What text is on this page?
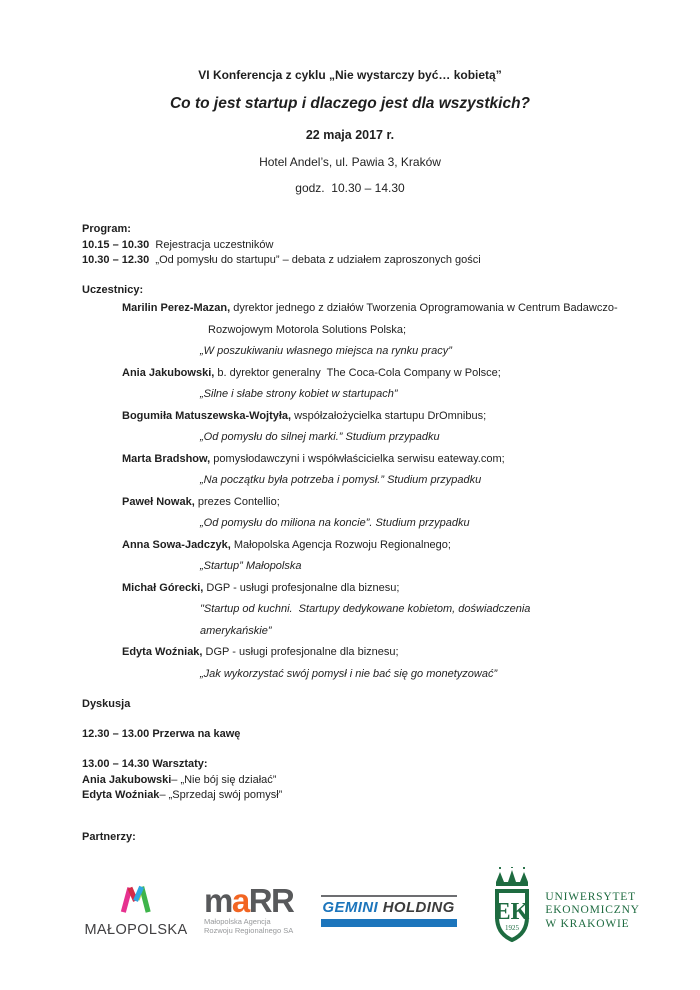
VI Konferencja z cyklu „Nie wystarczy być… kobietą”
Co to jest startup i dlaczego jest dla wszystkich?
22 maja 2017 r.
Hotel Andel’s, ul. Pawia 3, Kraków
godz.  10.30 – 14.30
Program:
10.15 – 10.30  Rejestracja uczestników
10.30 – 12.30  „Od pomysłu do startupu” – debata z udziałem zaproszonych gości
Uczestnicy:
Marilin Perez-Mazan, dyrektor jednego z działów Tworzenia Oprogramowania w Centrum Badawczo-
Rozwojowym Motorola Solutions Polska;
„W poszukiwaniu własnego miejsca na rynku pracy”
Ania Jakubowski, b. dyrektor generalny  The Coca-Cola Company w Polsce;
„Silne i słabe strony kobiet w startupach”
Bogumiła Matuszewska-Wojtyła, współzałożycielka startupu DrOmnibus;
„Od pomysłu do silnej marki.” Studium przypadku
Marta Bradshow, pomysłodawczyni i współwłaścicielka serwisu eateway.com;
„Na początku była potrzeba i pomysł.” Studium przypadku
Paweł Nowak, prezes Contellio;
„Od pomysłu do miliona na koncie”. Studium przypadku
Anna Sowa-Jadczyk, Małopolska Agencja Rozwoju Regionalnego;
„Startup” Małopolska
Michał Górecki, DGP - usługi profesjonalne dla biznesu;
"Startup od kuchni.  Startupy dedykowane kobietom, doświadczenia
amerykańskie”
Edyta Woźniak, DGP - usługi profesjonalne dla biznesu;
„Jak wykorzystać swój pomysł i nie bać się go monetyzować”
Dyskusja
12.30 – 13.00 Przerwa na kawę
13.00 – 14.30 Warsztaty:
Ania Jakubowski– „Nie bój się działać”
Edyta Woźniak– „Sprzedaj swój pomysł”
Partnerzy:
MAŁOPOLSKA
maRR
Małopolska Agencja
Rozwoju Regionalnego SA
GEMINI HOLDING EK
1925
UNIWERSYTET
EKONOMICZNY
W KRAKOWIE
